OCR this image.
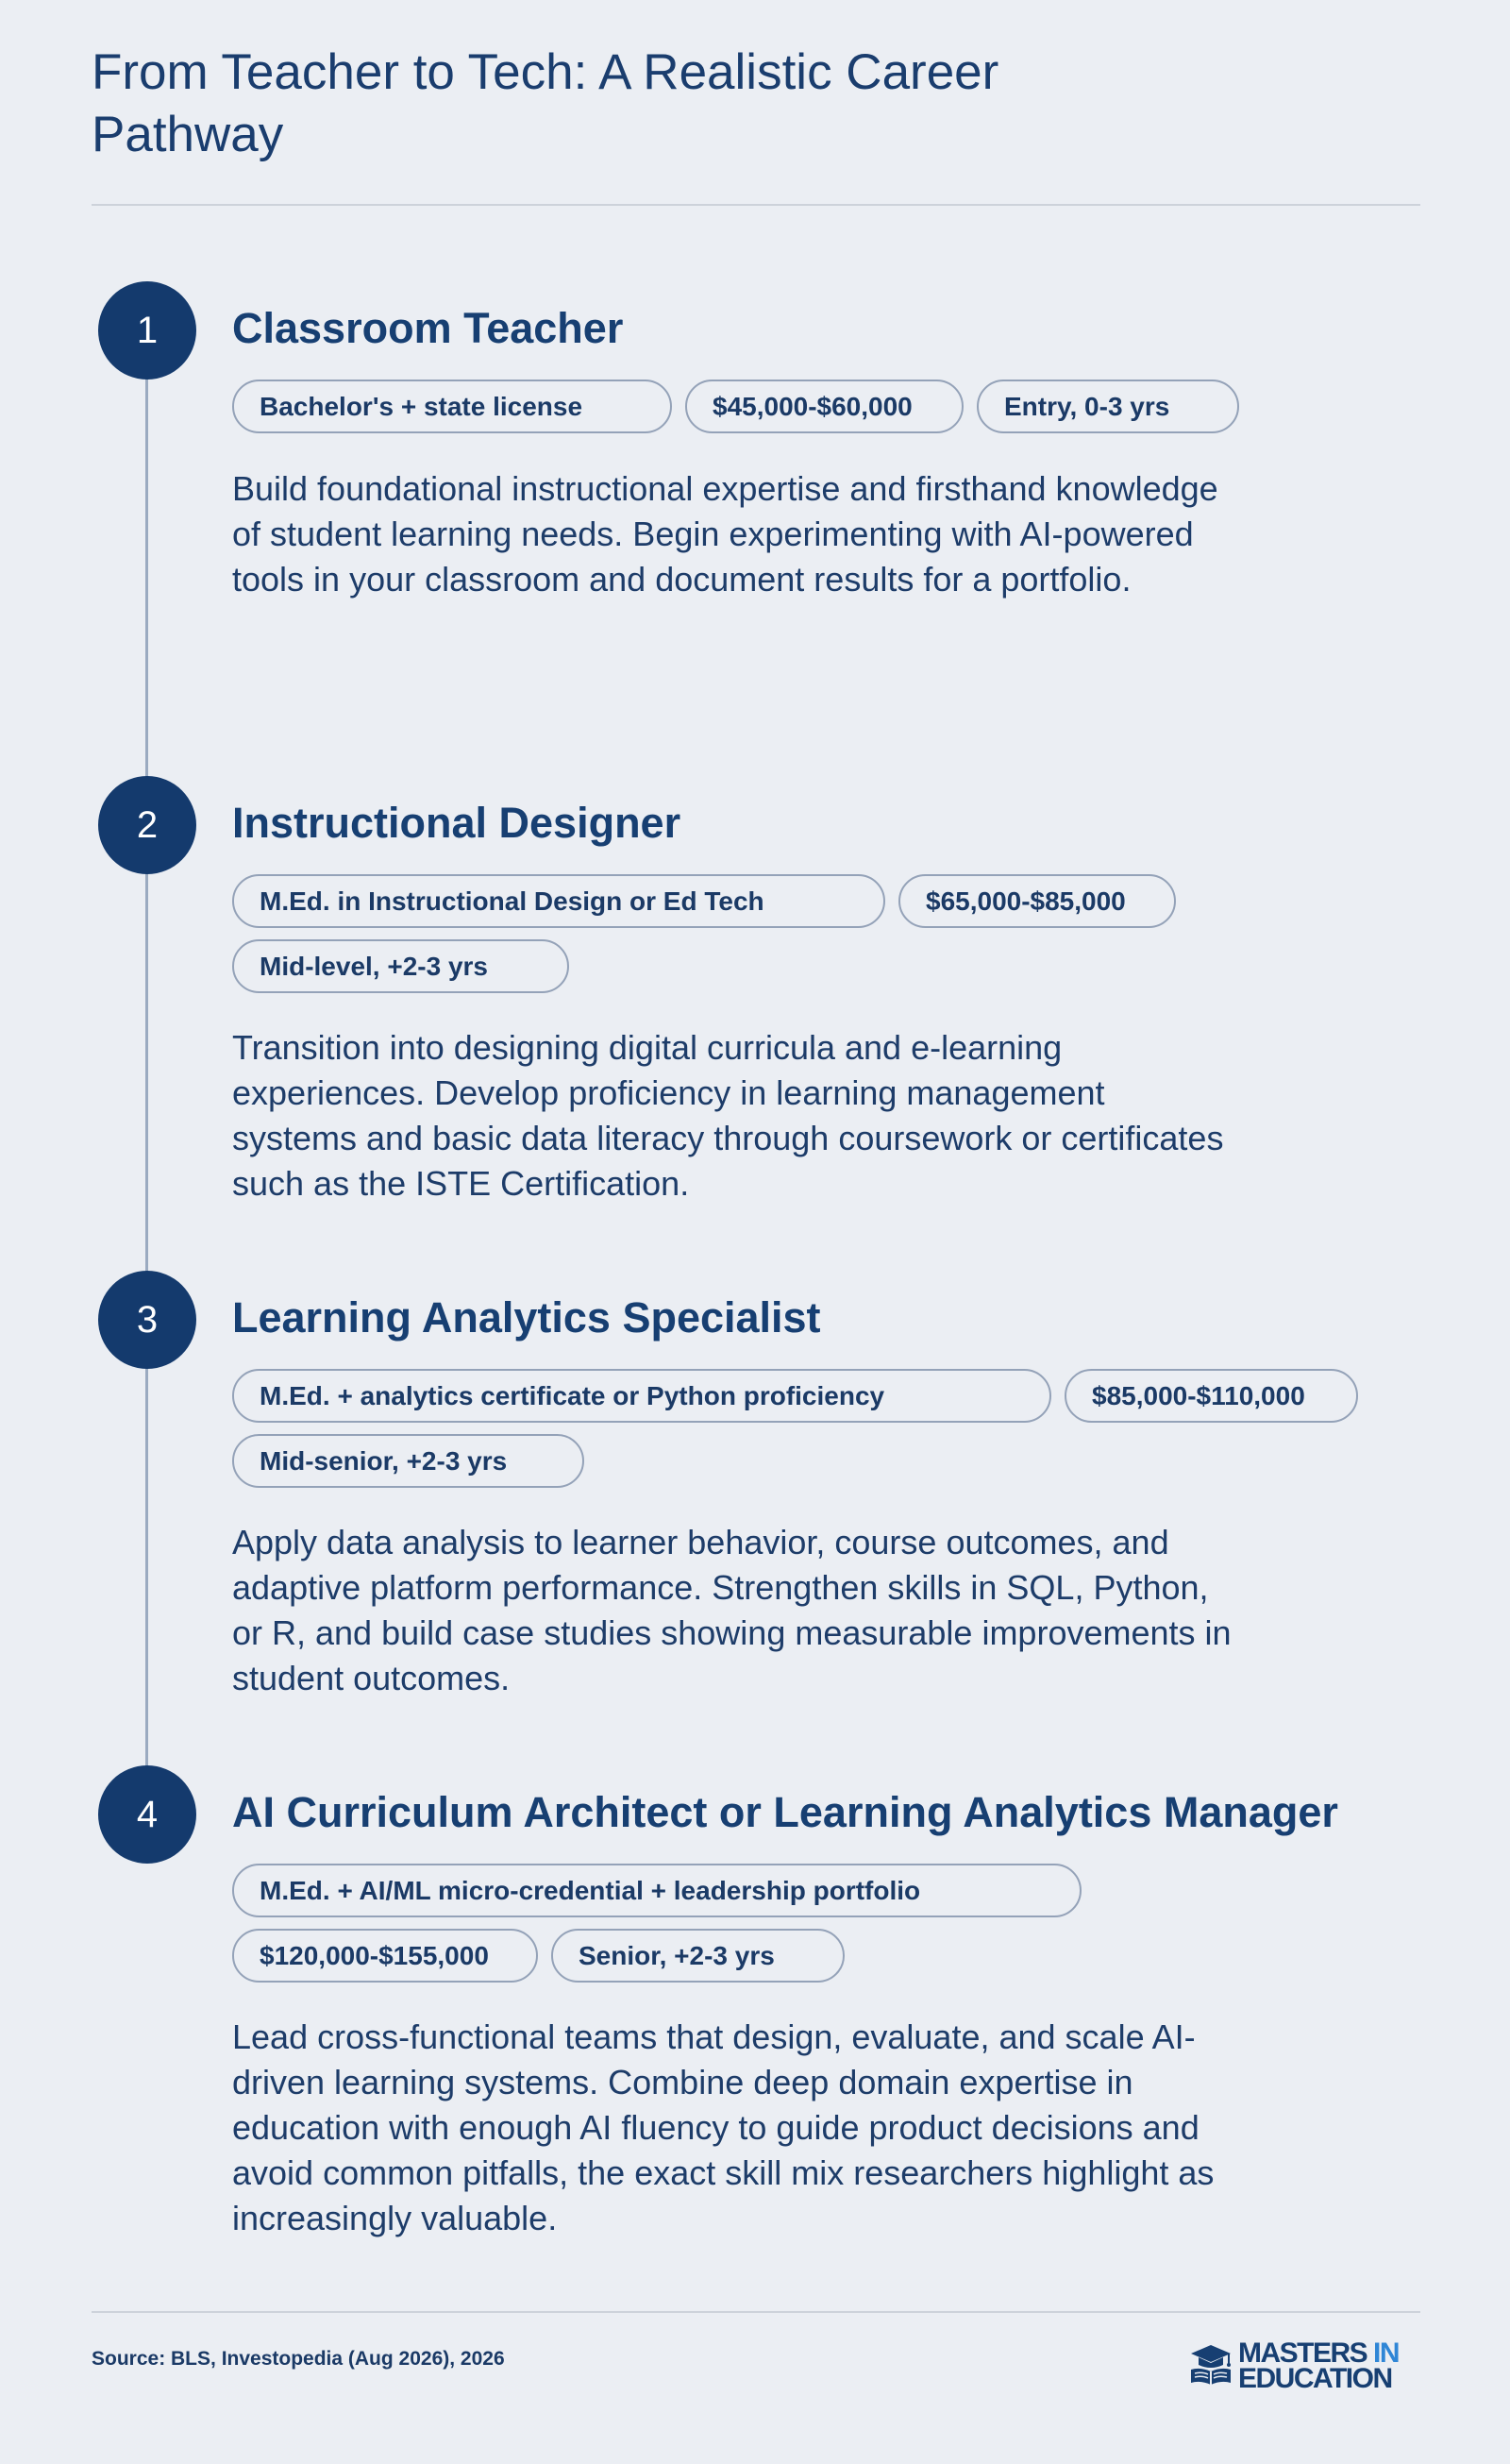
From Teacher to Tech: A Realistic Career Pathway
1	Classroom Teacher
Bachelor's + state license	$45,000-$60,000	Entry, 0-3 yrs

Build foundational instructional expertise and firsthand knowledge of student learning needs. Begin experimenting with AI-powered tools in your classroom and document results for a portfolio.

2	Instructional Designer
M.Ed. in Instructional Design or Ed Tech	$65,000-$85,000
Mid-level, +2-3 yrs

Transition into designing digital curricula and e-learning experiences. Develop proficiency in learning management systems and basic data literacy through coursework or certificates such as the ISTE Certification.

3	Learning Analytics Specialist
M.Ed. + analytics certificate or Python proficiency	$85,000-$110,000
Mid-senior, +2-3 yrs

Apply data analysis to learner behavior, course outcomes, and adaptive platform performance. Strengthen skills in SQL, Python, or R, and build case studies showing measurable improvements in student outcomes.

4	AI Curriculum Architect or Learning Analytics Manager
M.Ed. + AI/ML micro-credential + leadership portfolio
$120,000-$155,000	Senior, +2-3 yrs

Lead cross-functional teams that design, evaluate, and scale AI-driven learning systems. Combine deep domain expertise in education with enough AI fluency to guide product decisions and avoid common pitfalls, the exact skill mix researchers highlight as increasingly valuable.

Source: BLS, Investopedia (Aug 2026), 2026	MASTERS IN
EDUCATION
